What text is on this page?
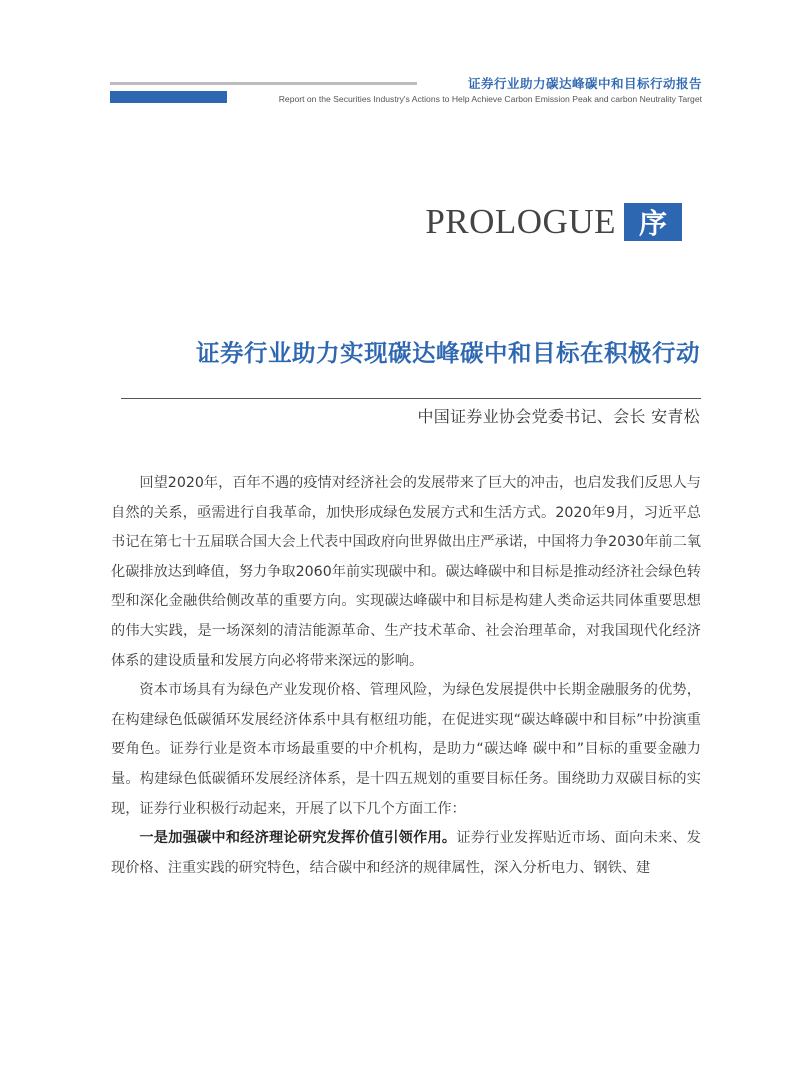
证券行业助力碳达峰碳中和目标行动报告
Report on the Securities Industry's Actions to Help Achieve Carbon Emission Peak and carbon Neutrality Target
PROLOGUE 序
证券行业助力实现碳达峰碳中和目标在积极行动
中国证券业协会党委书记、会长 安青松

回望2020年，百年不遇的疫情对经济社会的发展带来了巨大的冲击，也启发我们反思人与自然的关系，亟需进行自我革命，加快形成绿色发展方式和生活方式。2020年9月，习近平总书记在第七十五届联合国大会上代表中国政府向世界做出庄严承诺，中国将力争2030年前二氧化碳排放达到峰值，努力争取2060年前实现碳中和。碳达峰碳中和目标是推动经济社会绿色转型和深化金融供给侧改革的重要方向。实现碳达峰碳中和目标是构建人类命运共同体重要思想的伟大实践，是一场深刻的清洁能源革命、生产技术革命、社会治理革命，对我国现代化经济体系的建设质量和发展方向必将带来深远的影响。

资本市场具有为绿色产业发现价格、管理风险，为绿色发展提供中长期金融服务的优势，在构建绿色低碳循环发展经济体系中具有枢纽功能，在促进实现“碳达峰碳中和目标”中扮演重要角色。证券行业是资本市场最重要的中介机构，是助力“碳达峰 碳中和”目标的重要金融力量。构建绿色低碳循环发展经济体系，是十四五规划的重要目标任务。围绕助力双碳目标的实现，证券行业积极行动起来，开展了以下几个方面工作：

一是加强碳中和经济理论研究发挥价值引领作用。证券行业发挥贴近市场、面向未来、发现价格、注重实践的研究特色，结合碳中和经济的规律属性，深入分析电力、钢铁、建
